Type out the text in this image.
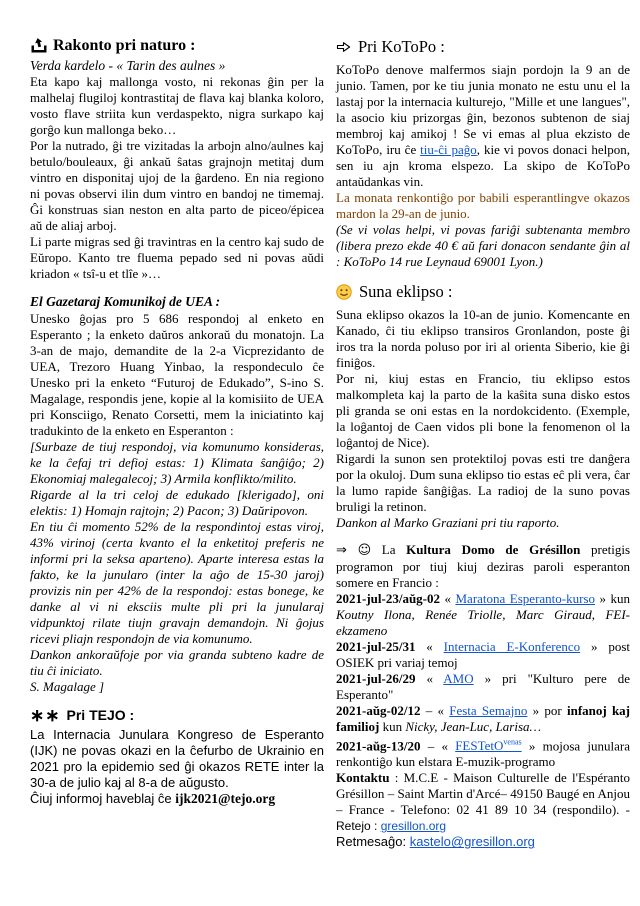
Rakonto pri naturo :

Verda kardelo - « Tarin des aulnes »

Eta kapo kaj mallonga vosto, ni rekonas ĝin per la malhelaj flugiloj kontrastitaj de flava kaj blanka koloro, vosto flave striita kun verdaspekto, nigra surkapo kaj gorĝo kun mallonga beko…

Por la nutrado, ĝi tre vizitadas la arbojn alno/aulnes kaj betulo/bouleaux, ĝi ankaŭ ŝatas grajnojn metitaj dum vintro en disponitaj ujoj de la ĝardeno. En nia regiono ni povas observi ilin dum vintro en bandoj ne timemaj. Ĝi konstruas sian neston en alta parto de piceo/épicea aŭ de aliaj arboj.

Li parte migras sed ĝi travintras en la centro kaj sudo de Eŭropo. Kanto tre fluema pepado sed ni povas aŭdi kriadon « tsî-u et tlîe »…

El Gazetaraj Komunikoj de UEA :

Unesko ĝojas pro 5 686 respondoj al enketo en Esperanto ; la enketo daŭros ankoraŭ du monatojn. La 3-an de majo, demandite de la 2-a Vicprezidanto de UEA, Trezoro Huang Yinbao, la respondeculo ĉe Unesko pri la enketo “Futuroj de Edukado”, S-ino S. Magalage, respondis jene, kopie al la komisiito de UEA pri Konsciigo, Renato Corsetti, mem la iniciatinto kaj tradukinto de la enketo en Esperanton :

[Surbaze de tiuj respondoj, via komunumo konsideras, ke la ĉefaj tri defioj estas: 1) Klimata ŝanĝiĝo; 2) Ekonomiaj malegalecoj; 3) Armila konflikto/milito.

Rigarde al la tri celoj de edukado [klerigado], oni elektis: 1) Homajn rajtojn; 2) Pacon; 3) Daŭripovon.

En tiu ĉi momento 52% de la respondintoj estas viroj, 43% virinoj (certa kvanto el la enketitoj preferis ne informi pri la seksa aparteno). Aparte interesa estas la fakto, ke la junularo (inter la aĝo de 15-30 jaroj) provizis nin per 42% de la respondoj: estas bonege, ke danke al vi ni eksciis multe pli pri la junularaj vidpunktoj rilate tiujn gravajn demandojn. Ni ĝojus ricevi pliajn respondojn de via komunumo.

Dankon ankoraŭfoje por via granda subteno kadre de tiu ĉi iniciato.

S. Magalage ]

∗∗ Pri TEJO :

La Internacia Junulara Kongreso de Esperanto (IJK) ne povas okazi en la ĉefurbo de Ukrainio en 2021 pro la epidemio sed ĝi okazos RETE inter la 30-a de julio kaj al 8-a de aŭgusto.

Ĉiuj informoj haveblaj ĉe ijk2021@tejo.org

Pri KoToPo :

KoToPo denove malfermos siajn pordojn la 9 an de junio. Tamen, por ke tiu junia monato ne estu unu el la lastaj por la internacia kulturejo, "Mille et une langues", la asocio kiu prizorgas ĝin, bezonos subtenon de siaj membroj kaj amikoj ! Se vi emas al plua ekzisto de KoToPo, iru ĉe tiu-ĉi paĝo, kie vi povos donaci helpon, sen iu ajn kroma elspezo. La skipo de KoToPo antaŭdankas vin.

La monata renkontiĝo por babili esperantlingve okazos mardon la 29-an de junio.

(Se vi volas helpi, vi povas fariĝi subtenanta membro (libera prezo ekde 40 € aŭ fari donacon sendante ĝin al : KoToPo 14 rue Leynaud 69001 Lyon.)

Suna eklipso :

Suna eklipso okazos la 10-an de junio. Komencante en Kanado, ĉi tiu eklipso transiros Gronlandon, poste ĝi iros tra la norda poluso por iri al orienta Siberio, kie ĝi finiĝos.

Por ni, kiuj estas en Francio, tiu eklipso estos malkompleta kaj la parto de la kaŝita suna disko estos pli granda se oni estas en la nordokcidento. (Exemple, la loĝantoj de Caen vidos pli bone la fenomenon ol la loĝantoj de Nice).

Rigardi la sunon sen protektiloj povas esti tre danĝera por la okuloj. Dum suna eklipso tio estas eĉ pli vera, ĉar la lumo rapide ŝanĝiĝas. La radioj de la suno povas bruligi la retinon.

Dankon al Marko Graziani pri tiu raporto.

⇒ ☺ La Kultura Domo de Grésillon pretigis programon por tiuj kiuj deziras paroli esperanton somere en Francio :

2021-jul-23/aŭg-02 « Maratona Esperanto-kurso » kun Koutny Ilona, Renée Triolle, Marc Giraud, FEI-ekzameno

2021-jul-25/31 « Internacia E-Konferenco » post OSIEK pri variaj temoj

2021-jul-26/29 « AMO » pri "Kulturo pere de Esperanto"

2021-aŭg-02/12 – « Festa Semajno » por infanoj kaj familioj kun Nicky, Jean-Luc, Larisa…

2021-aŭg-13/20 – « FESTetO$^{venas}$ » mojosa junulara renkontiĝo kun elstara E-muzik-programo

Kontaktu : M.C.E - Maison Culturelle de l'Espéranto Grésillon – Saint Martin d'Arcé– 49150 Baugé en Anjou – France - Telefono: 02 41 89 10 34 (respondilo). - Retejo : gresillon.org

Retmesaĝo: kastelo@gresillon.org
